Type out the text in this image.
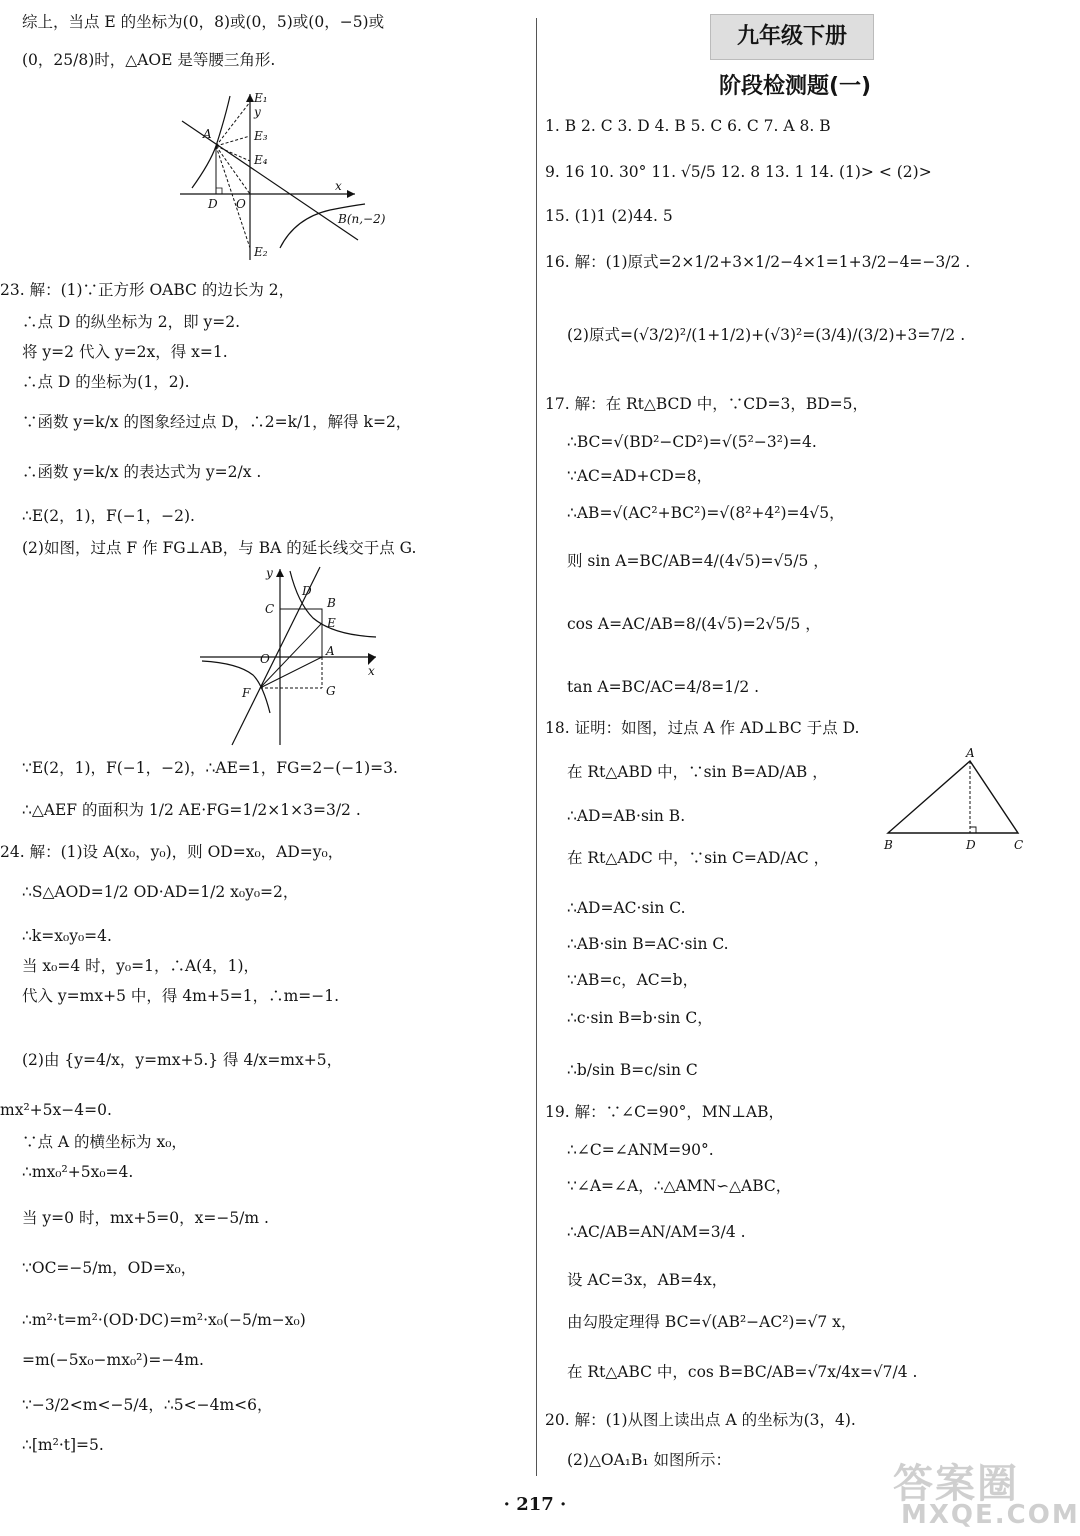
综上，当点 E 的坐标为(0，8)或(0，5)或(0，−5)或
(0，25/8)时，△AOE 是等腰三角形.
23. 解：(1)∵正方形 OABC 的边长为 2，
∴点 D 的纵坐标为 2，即 y=2.
将 y=2 代入 y=2x，得 x=1.
∴点 D 的坐标为(1，2).
∵函数 y=k/x 的图象经过点 D，∴2=k/1，解得 k=2，
∴函数 y=k/x 的表达式为 y=2/x .
∴E(2，1)，F(−1，−2).
(2)如图，过点 F 作 FG⊥AB，与 BA 的延长线交于点 G.
∵E(2，1)，F(−1，−2)，∴AE=1，FG=2−(−1)=3.
∴△AEF 的面积为 1/2 AE·FG=1/2×1×3=3/2 .
24. 解：(1)设 A(x₀，y₀)，则 OD=x₀，AD=y₀，
∴S△AOD=1/2 OD·AD=1/2 x₀y₀=2，
∴k=x₀y₀=4.
当 x₀=4 时，y₀=1，∴A(4，1)，
代入 y=mx+5 中，得 4m+5=1，∴m=−1.
(2)由 {y=4/x，y=mx+5.} 得 4/x=mx+5，
mx²+5x−4=0.
∵点 A 的横坐标为 x₀，
∴mx₀²+5x₀=4.
当 y=0 时，mx+5=0，x=−5/m .
∵OC=−5/m，OD=x₀，
∴m²·t=m²·(OD·DC)=m²·x₀(−5/m−x₀)
=m(−5x₀−mx₀²)=−4m.
∵−3/2<m<−5/4，∴5<−4m<6，
∴[m²·t]=5.
E₁
y
A	E₃
E₄
x
D O
B(n,−2)
E₂
y
D
B
C
E
O
A
x
F	G
九年级下册
阶段检测题(一)
1. B 2. C 3. D 4. B 5. C 6. C 7. A 8. B
9. 16 10. 30° 11. √5/5 12. 8 13. 1 14. (1)> < (2)>
15. (1)1 (2)44. 5
16. 解：(1)原式=2×1/2+3×1/2−4×1=1+3/2−4=−3/2 .
(2)原式=(√3/2)²/(1+1/2)+(√3)²=(3/4)/(3/2)+3=7/2 .
17. 解：在 Rt△BCD 中，∵CD=3，BD=5，
∴BC=√(BD²−CD²)=√(5²−3²)=4.
∵AC=AD+CD=8，
∴AB=√(AC²+BC²)=√(8²+4²)=4√5，
则 sin A=BC/AB=4/(4√5)=√5/5 ，
cos A=AC/AB=8/(4√5)=2√5/5 ，
tan A=BC/AC=4/8=1/2 .
18. 证明：如图，过点 A 作 AD⊥BC 于点 D.
在 Rt△ABD 中，∵sin B=AD/AB ，
∴AD=AB·sin B.
在 Rt△ADC 中，∵sin C=AD/AC ，
∴AD=AC·sin C.
∴AB·sin B=AC·sin C.
∵AB=c，AC=b，
∴c·sin B=b·sin C，
∴b/sin B=c/sin C
19. 解：∵∠C=90°，MN⊥AB，
∴∠C=∠ANM=90°.
∵∠A=∠A，∴△AMN∽△ABC，
∴AC/AB=AN/AM=3/4 .
设 AC=3x，AB=4x，
由勾股定理得 BC=√(AB²−AC²)=√7 x，
在 Rt△ABC 中，cos B=BC/AB=√7x/4x=√7/4 .
20. 解：(1)从图上读出点 A 的坐标为(3，4).
(2)△OA₁B₁ 如图所示：
A
B	D	C
· 217 ·	答案圈
MXQE.COM
